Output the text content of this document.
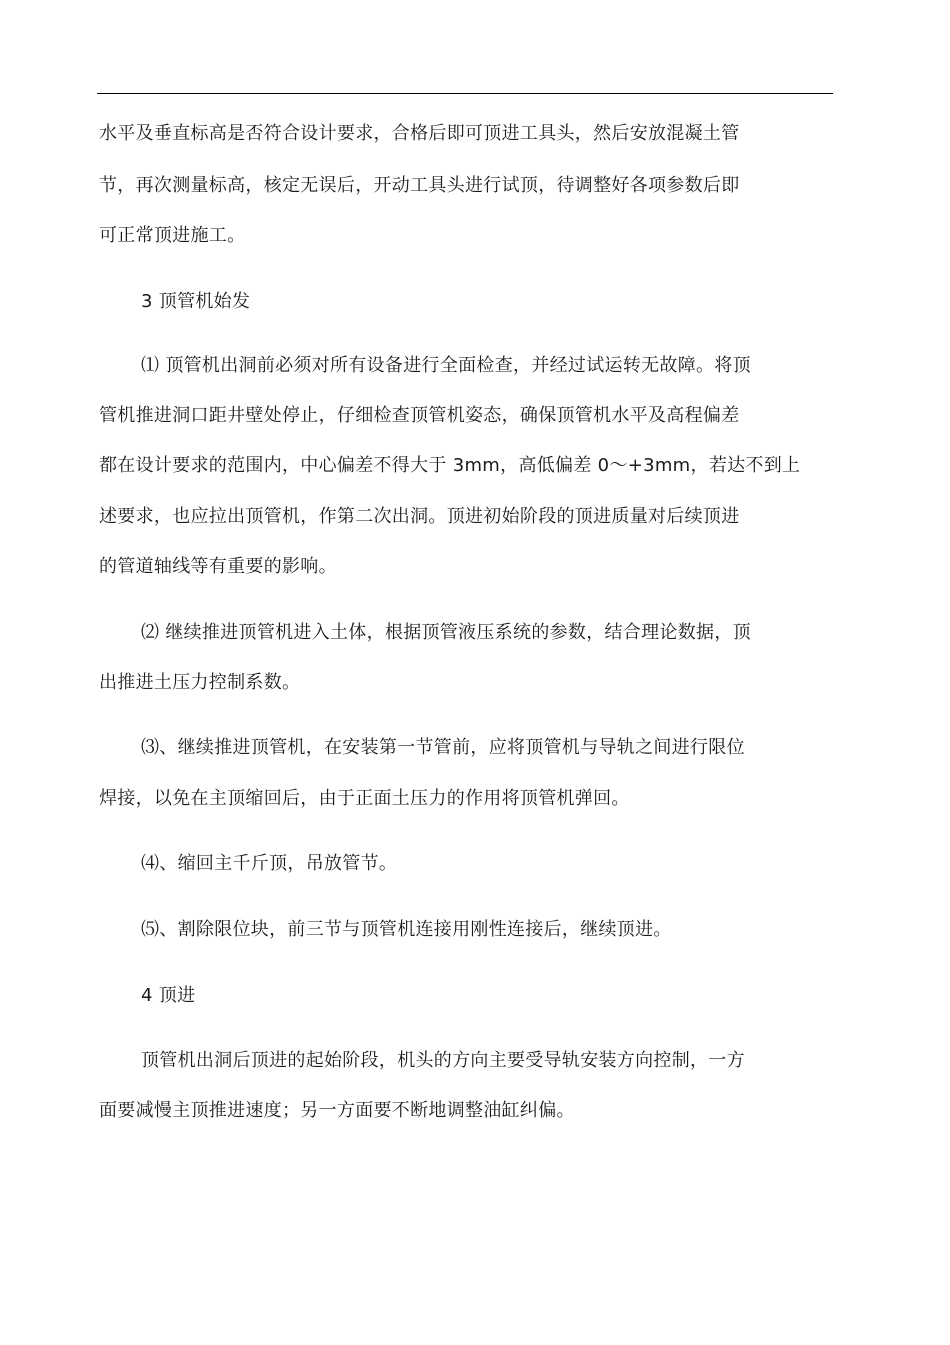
水平及垂直标高是否符合设计要求，合格后即可顶进工具头，然后安放混凝土管
节，再次测量标高，核定无误后，开动工具头进行试顶，待调整好各项参数后即
可正常顶进施工。
3 顶管机始发
⑴ 顶管机出洞前必须对所有设备进行全面检查，并经过试运转无故障。将顶
管机推进洞口距井壁处停止，仔细检查顶管机姿态，确保顶管机水平及高程偏差
都在设计要求的范围内，中心偏差不得大于 3mm，高低偏差 0～+3mm，若达不到上
述要求，也应拉出顶管机，作第二次出洞。顶进初始阶段的顶进质量对后续顶进
的管道轴线等有重要的影响。
⑵ 继续推进顶管机进入土体，根据顶管液压系统的参数，结合理论数据，顶
出推进土压力控制系数。
⑶、继续推进顶管机，在安装第一节管前，应将顶管机与导轨之间进行限位
焊接，以免在主顶缩回后，由于正面土压力的作用将顶管机弹回。
⑷、缩回主千斤顶，吊放管节。
⑸、割除限位块，前三节与顶管机连接用刚性连接后，继续顶进。
4 顶进
顶管机出洞后顶进的起始阶段，机头的方向主要受导轨安装方向控制，一方
面要减慢主顶推进速度；另一方面要不断地调整油缸纠偏。
